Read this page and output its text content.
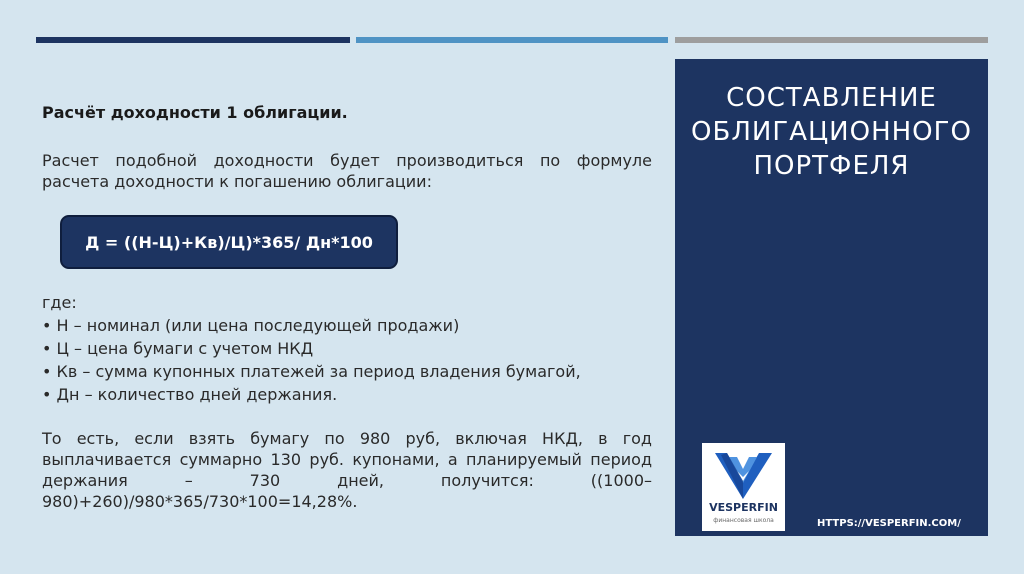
Расчёт доходности 1 облигации.
Расчет подобной доходности будет производиться по формуле расчета доходности к погашению облигации:
Д = ((Н-Ц)+Кв)/Ц)*365/ Дн*100
где:
• Н – номинал (или цена последующей продажи)
• Ц – цена бумаги с учетом НКД
• Кв – сумма купонных платежей за период владения бумагой,
• Дн – количество дней держания.
То есть, если взять бумагу по 980 руб, включая НКД, в год выплачивается суммарно 130 руб. купонами, а планируемый период держания – 730 дней, получится: ((1000–980)+260)/980*365/730*100=14,28%.
СОСТАВЛЕНИЕ
ОБЛИГАЦИОННОГО
ПОРТФЕЛЯ
VESPERFIN
финансовая школа	HTTPS://VESPERFIN.COM/
